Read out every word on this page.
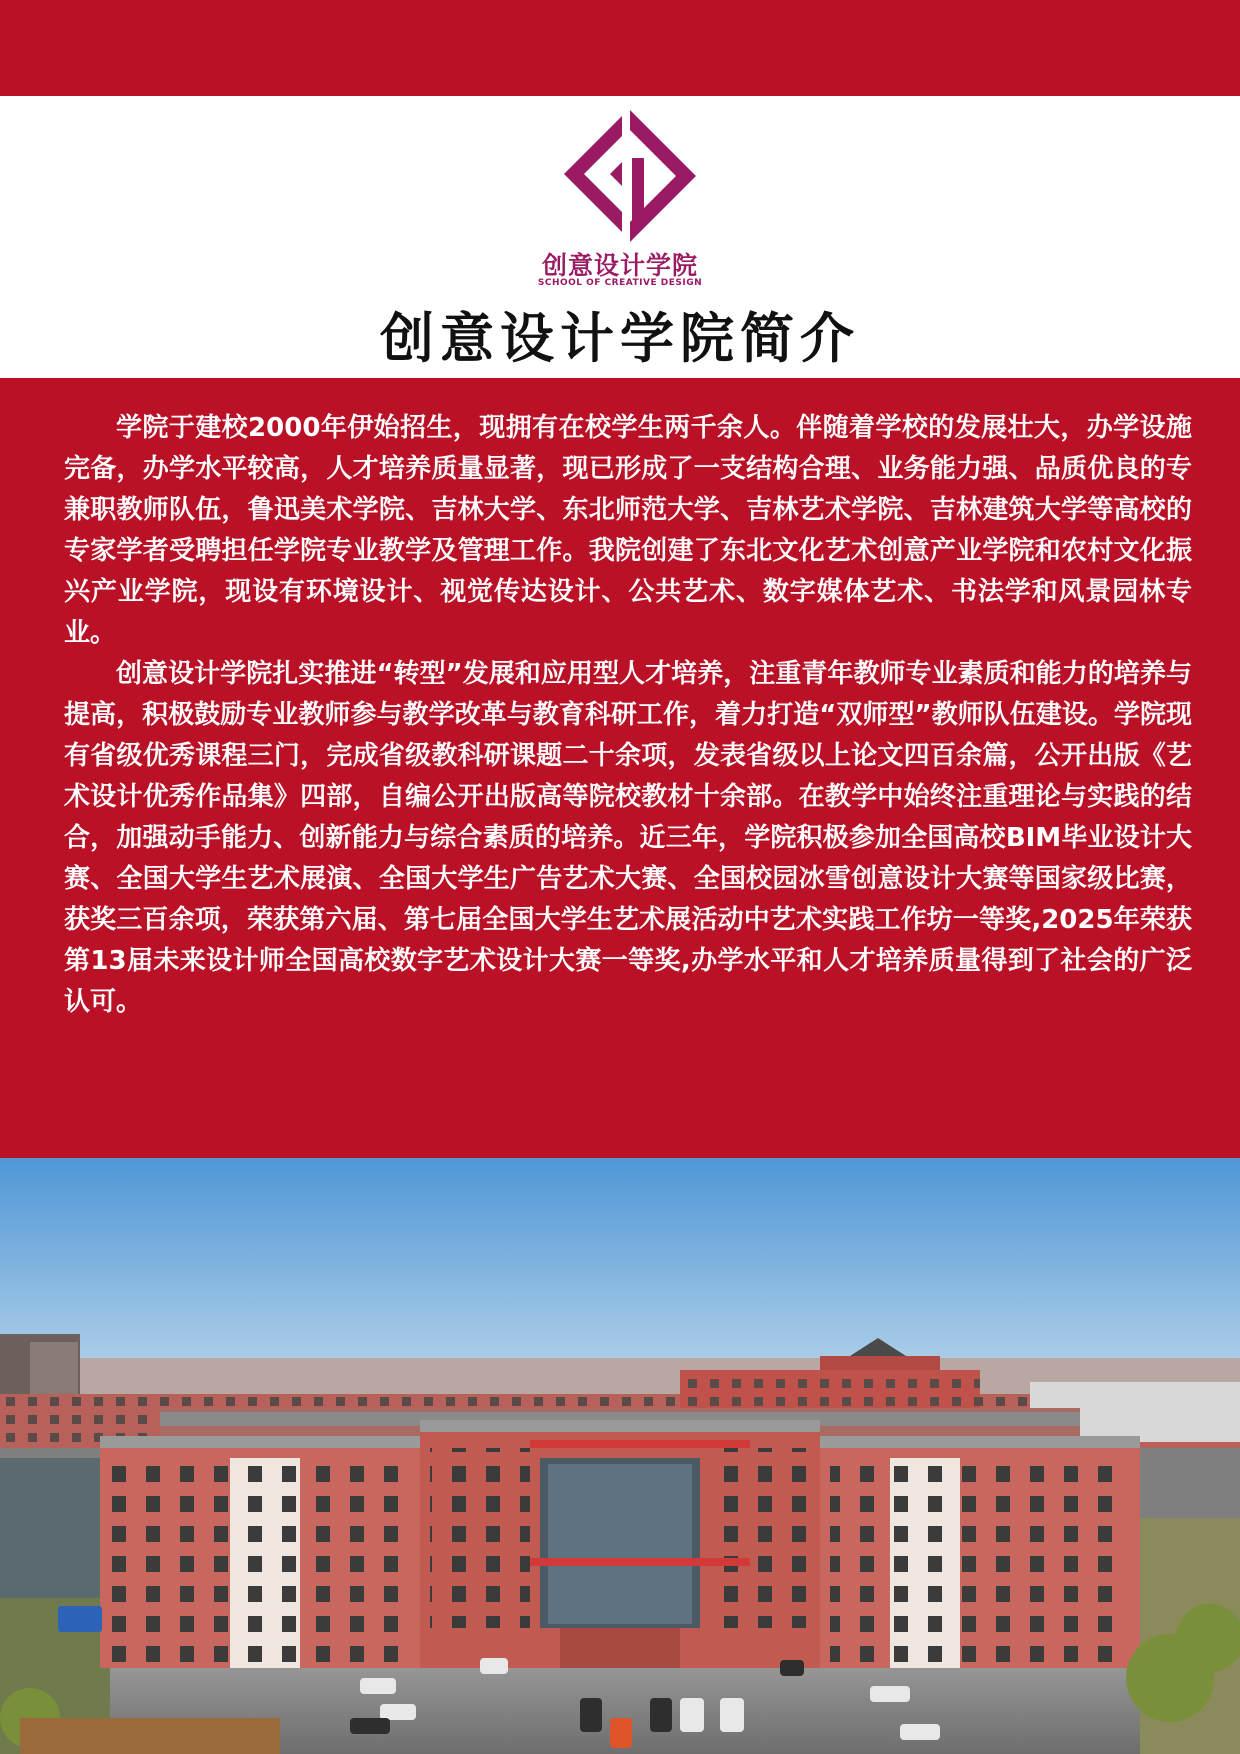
创意设计学院
SCHOOL OF CREATIVE DESIGN
创意设计学院简介

学院于建校2000年伊始招生，现拥有在校学生两千余人。伴随着学校的发展壮大，办学设施完备，办学水平较高，人才培养质量显著，现已形成了一支结构合理、业务能力强、品质优良的专兼职教师队伍，鲁迅美术学院、吉林大学、东北师范大学、吉林艺术学院、吉林建筑大学等高校的专家学者受聘担任学院专业教学及管理工作。我院创建了东北文化艺术创意产业学院和农村文化振兴产业学院，现设有环境设计、视觉传达设计、公共艺术、数字媒体艺术、书法学和风景园林专业。

创意设计学院扎实推进“转型”发展和应用型人才培养，注重青年教师专业素质和能力的培养与提高，积极鼓励专业教师参与教学改革与教育科研工作，着力打造“双师型”教师队伍建设。学院现有省级优秀课程三门，完成省级教科研课题二十余项，发表省级以上论文四百余篇，公开出版《艺术设计优秀作品集》四部，自编公开出版高等院校教材十余部。在教学中始终注重理论与实践的结合，加强动手能力、创新能力与综合素质的培养。近三年，学院积极参加全国高校BIM毕业设计大赛、全国大学生艺术展演、全国大学生广告艺术大赛、全国校园冰雪创意设计大赛等国家级比赛，获奖三百余项，荣获第六届、第七届全国大学生艺术展活动中艺术实践工作坊一等奖,2025年荣获第13届未来设计师全国高校数字艺术设计大赛一等奖,办学水平和人才培养质量得到了社会的广泛认可。
